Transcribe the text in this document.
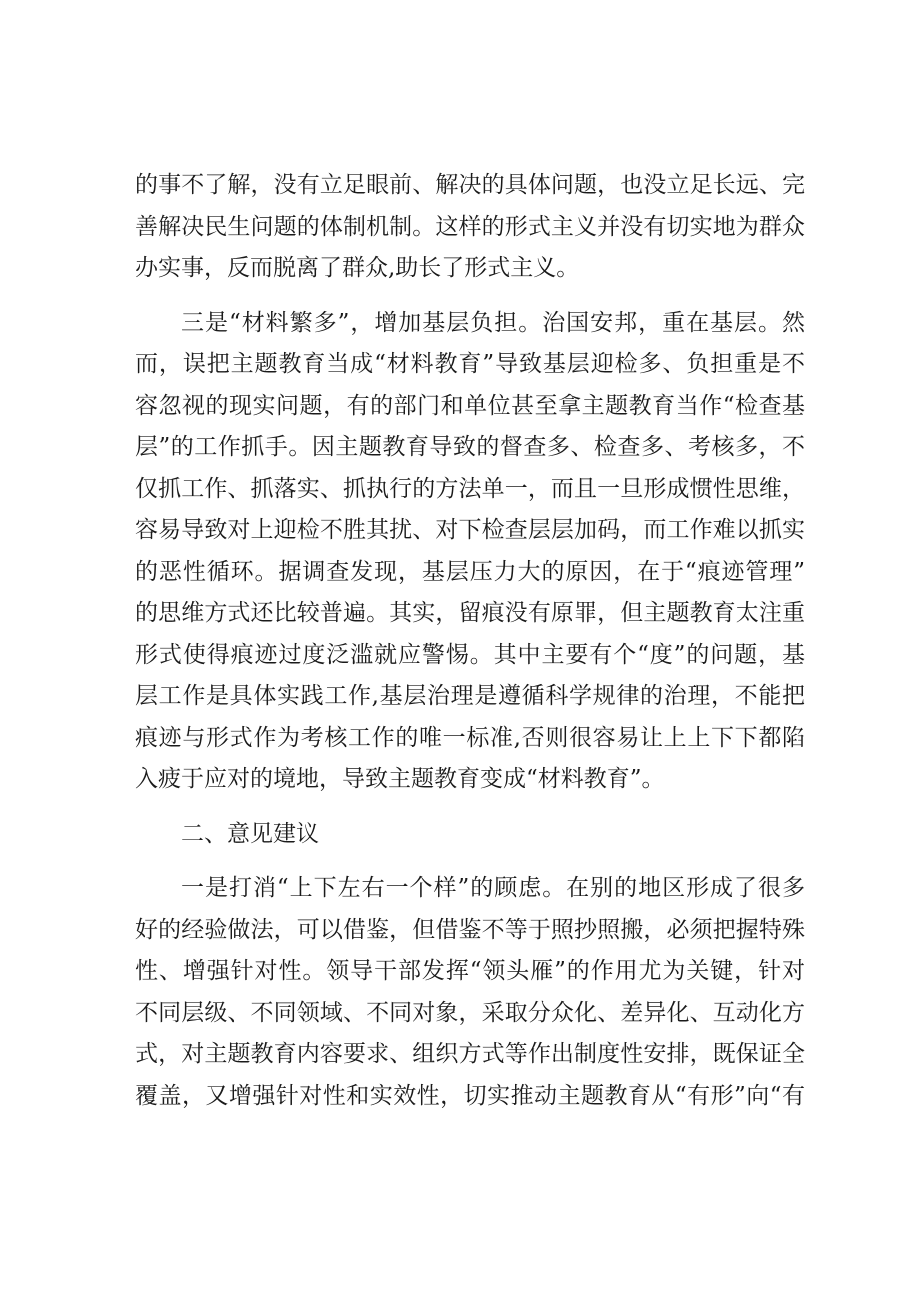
的事不了解，没有立足眼前、解决的具体问题，也没立足长远、完
善解决民生问题的体制机制。这样的形式主义并没有切实地为群众
办实事，反而脱离了群众,助长了形式主义。
三是“材料繁多”，增加基层负担。治国安邦，重在基层。然
而，误把主题教育当成“材料教育”导致基层迎检多、负担重是不
容忽视的现实问题，有的部门和单位甚至拿主题教育当作“检查基
层”的工作抓手。因主题教育导致的督查多、检查多、考核多，不
仅抓工作、抓落实、抓执行的方法单一，而且一旦形成惯性思维，
容易导致对上迎检不胜其扰、对下检查层层加码，而工作难以抓实
的恶性循环。据调查发现，基层压力大的原因，在于“痕迹管理”
的思维方式还比较普遍。其实，留痕没有原罪，但主题教育太注重
形式使得痕迹过度泛滥就应警惕。其中主要有个“度”的问题，基
层工作是具体实践工作,基层治理是遵循科学规律的治理，不能把
痕迹与形式作为考核工作的唯一标准,否则很容易让上上下下都陷
入疲于应对的境地，导致主题教育变成“材料教育”。
二、意见建议
一是打消“上下左右一个样”的顾虑。在别的地区形成了很多
好的经验做法，可以借鉴，但借鉴不等于照抄照搬，必须把握特殊
性、增强针对性。领导干部发挥“领头雁”的作用尤为关键，针对
不同层级、不同领域、不同对象，采取分众化、差异化、互动化方
式，对主题教育内容要求、组织方式等作出制度性安排，既保证全
覆盖，又增强针对性和实效性，切实推动主题教育从“有形”向“有
